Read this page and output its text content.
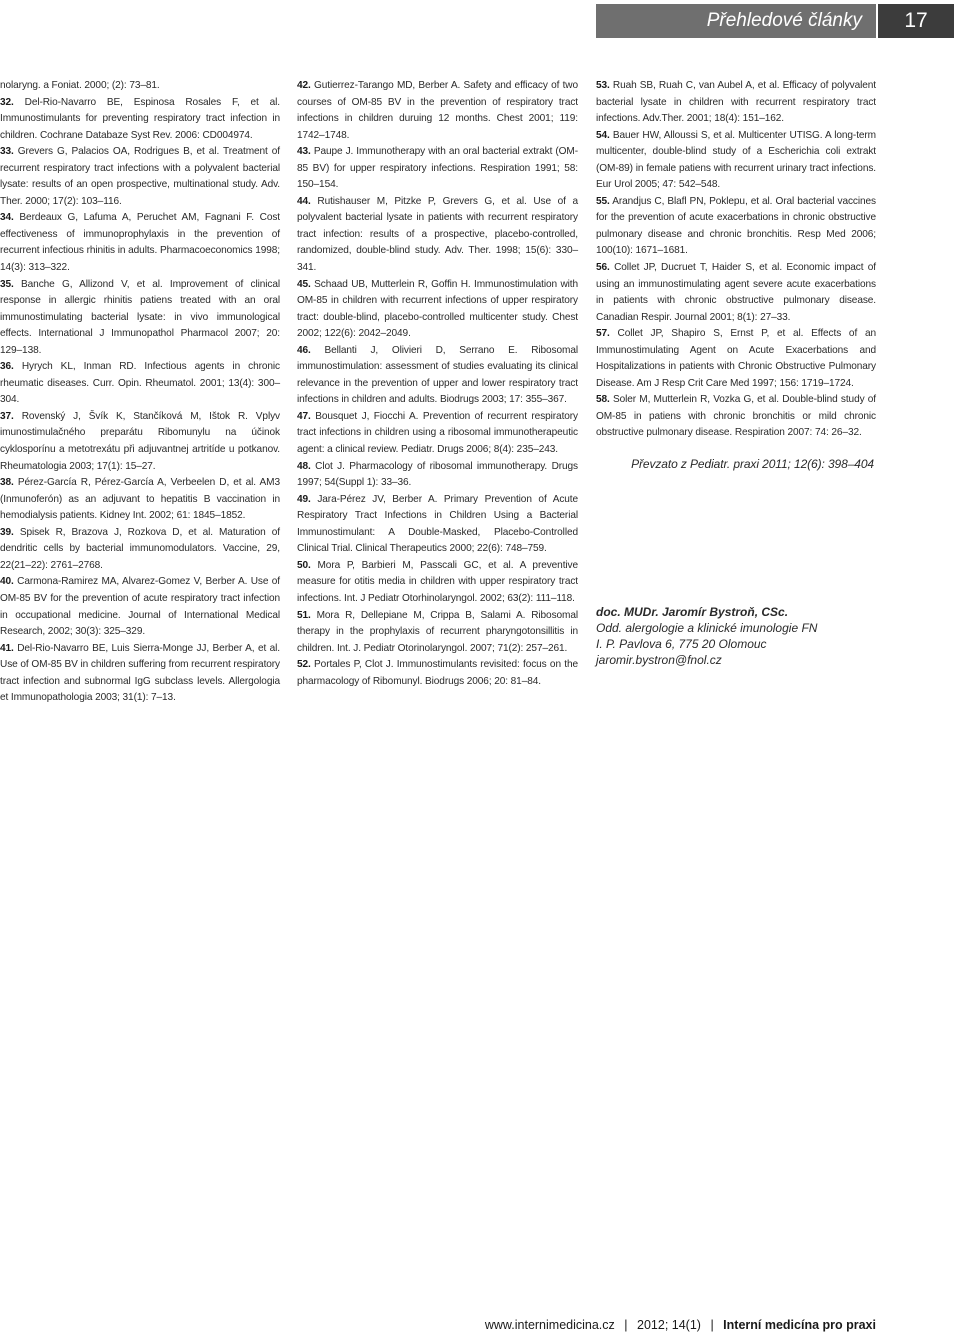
Přehledové články	17

nolaryng. a Foniat. 2000; (2): 73–81.

32. Del-Rio-Navarro BE, Espinosa Rosales F, et al. Immunostimulants for preventing respiratory tract infection in children. Cochrane Databaze Syst Rev. 2006: CD004974.

33. Grevers G, Palacios OA, Rodrigues B, et al. Treatment of recurrent respiratory tract infections with a polyvalent bacterial lysate: results of an open prospective, multinational study. Adv. Ther. 2000; 17(2): 103–116.

34. Berdeaux G, Lafuma A, Peruchet AM, Fagnani F. Cost effectiveness of immunoprophylaxis in the prevention of recurrent infectious rhinitis in adults. Pharmacoeconomics 1998; 14(3): 313–322.

35. Banche G, Allizond V, et al. Improvement of clinical response in allergic rhinitis patiens treated with an oral immunostimulating bacterial lysate: in vivo immunological effects. International J Immunopathol Pharmacol 2007; 20: 129–138.

36. Hyrych KL, Inman RD. Infectious agents in chronic rheumatic diseases. Curr. Opin. Rheumatol. 2001; 13(4): 300–304.

37. Rovenský J, Švík K, Stančíková M, Ištok R. Vplyv imunostimulačného preparátu Ribomunylu na účinok cyklosporínu a metotrexátu při adjuvantnej artritíde u potkanov. Rheumatologia 2003; 17(1): 15–27.

38. Pérez-García R, Pérez-García A, Verbeelen D, et al. AM3 (Inmunoferón) as an adjuvant to hepatitis B vaccination in hemodialysis patients. Kidney Int. 2002; 61: 1845–1852.

39. Spisek R, Brazova J, Rozkova D, et al. Maturation of dendritic cells by bacterial immunomodulators. Vaccine, 29, 22(21–22): 2761–2768.

40. Carmona-Ramirez MA, Alvarez-Gomez V, Berber A. Use of OM-85 BV for the prevention of acute respiratory tract infection in occupational medicine. Journal of International Medical Research, 2002; 30(3): 325–329.

41. Del-Rio-Navarro BE, Luis Sierra-Monge JJ, Berber A, et al. Use of OM-85 BV in children suffering from recurrent respiratory tract infection and subnormal IgG subclass levels. Allergologia et Immunopathologia 2003; 31(1): 7–13.

42. Gutierrez-Tarango MD, Berber A. Safety and efficacy of two courses of OM-85 BV in the prevention of respiratory tract infections in children duruing 12 months. Chest 2001; 119: 1742–1748.

43. Paupe J. Immunotherapy with an oral bacterial extrakt (OM-85 BV) for upper respiratory infections. Respiration 1991; 58: 150–154.

44. Rutishauser M, Pitzke P, Grevers G, et al. Use of a polyvalent bacterial lysate in patients with recurrent respiratory tract infection: results of a prospective, placebo-controlled, randomized, double-blind study. Adv. Ther. 1998; 15(6): 330–341.

45. Schaad UB, Mutterlein R, Goffin H. Immunostimulation with OM-85 in children with recurrent infections of upper respiratory tract: double-blind, placebo-controlled multicenter study. Chest 2002; 122(6): 2042–2049.

46. Bellanti J, Olivieri D, Serrano E. Ribosomal immunostimulation: assessment of studies evaluating its clinical relevance in the prevention of upper and lower respiratory tract infections in children and adults. Biodrugs 2003; 17: 355–367.

47. Bousquet J, Fiocchi A. Prevention of recurrent respiratory tract infections in children using a ribosomal immunotherapeutic agent: a clinical review. Pediatr. Drugs 2006; 8(4): 235–243.

48. Clot J. Pharmacology of ribosomal immunotherapy. Drugs 1997; 54(Suppl 1): 33–36.

49. Jara-Pérez JV, Berber A. Primary Prevention of Acute Respiratory Tract Infections in Children Using a Bacterial Immunostimulant: A Double-Masked, Placebo-Controlled Clinical Trial. Clinical Therapeutics 2000; 22(6): 748–759.

50. Mora P, Barbieri M, Passcali GC, et al. A preventive measure for otitis media in children with upper respiratory tract infections. Int. J Pediatr Otorhinolaryngol. 2002; 63(2): 111–118.

51. Mora R, Dellepiane M, Crippa B, Salami A. Ribosomal therapy in the prophylaxis of recurrent pharyngotonsillitis in children. Int. J. Pediatr Otorinolaryngol. 2007; 71(2): 257–261.

52. Portales P, Clot J. Immunostimulants revisited: focus on the pharmacology of Ribomunyl. Biodrugs 2006; 20: 81–84.

53. Ruah SB, Ruah C, van Aubel A, et al. Efficacy of polyvalent bacterial lysate in children with recurrent respiratory tract infections. Adv.Ther. 2001; 18(4): 151–162.

54. Bauer HW, Alloussi S, et al. Multicenter UTISG. A long-term multicenter, double-blind study of a Escherichia coli extrakt (OM-89) in female patiens with recurrent urinary tract infections. Eur Urol 2005; 47: 542–548.

55. Arandjus C, Blafl PN, Poklepu, et al. Oral bacterial vaccines for the prevention of acute exacerbations in chronic obstructive pulmonary disease and chronic bronchitis. Resp Med 2006; 100(10): 1671–1681.

56. Collet JP, Ducruet T, Haider S, et al. Economic impact of using an immunostimulating agent severe acute exacerbations in patients with chronic obstructive pulmonary disease. Canadian Respir. Journal 2001; 8(1): 27–33.

57. Collet JP, Shapiro S, Ernst P, et al. Effects of an Immunostimulating Agent on Acute Exacerbations and Hospitalizations in patients with Chronic Obstructive Pulmonary Disease. Am J Resp Crit Care Med 1997; 156: 1719–1724.

58. Soler M, Mutterlein R, Vozka G, et al. Double-blind study of OM-85 in patiens with chronic bronchitis or mild chronic obstructive pulmonary disease. Respiration 2007: 74: 26–32.

Převzato z Pediatr. praxi 2011; 12(6): 398–404
doc. MUDr. Jaromír Bystroň, CSc.
Odd. alergologie a klinické imunologie FN
I. P. Pavlova 6, 775 20 Olomouc
jaromir.bystron@fnol.cz
www.internimedicina.cz | 2012; 14(1) | Interní medicína pro praxi
